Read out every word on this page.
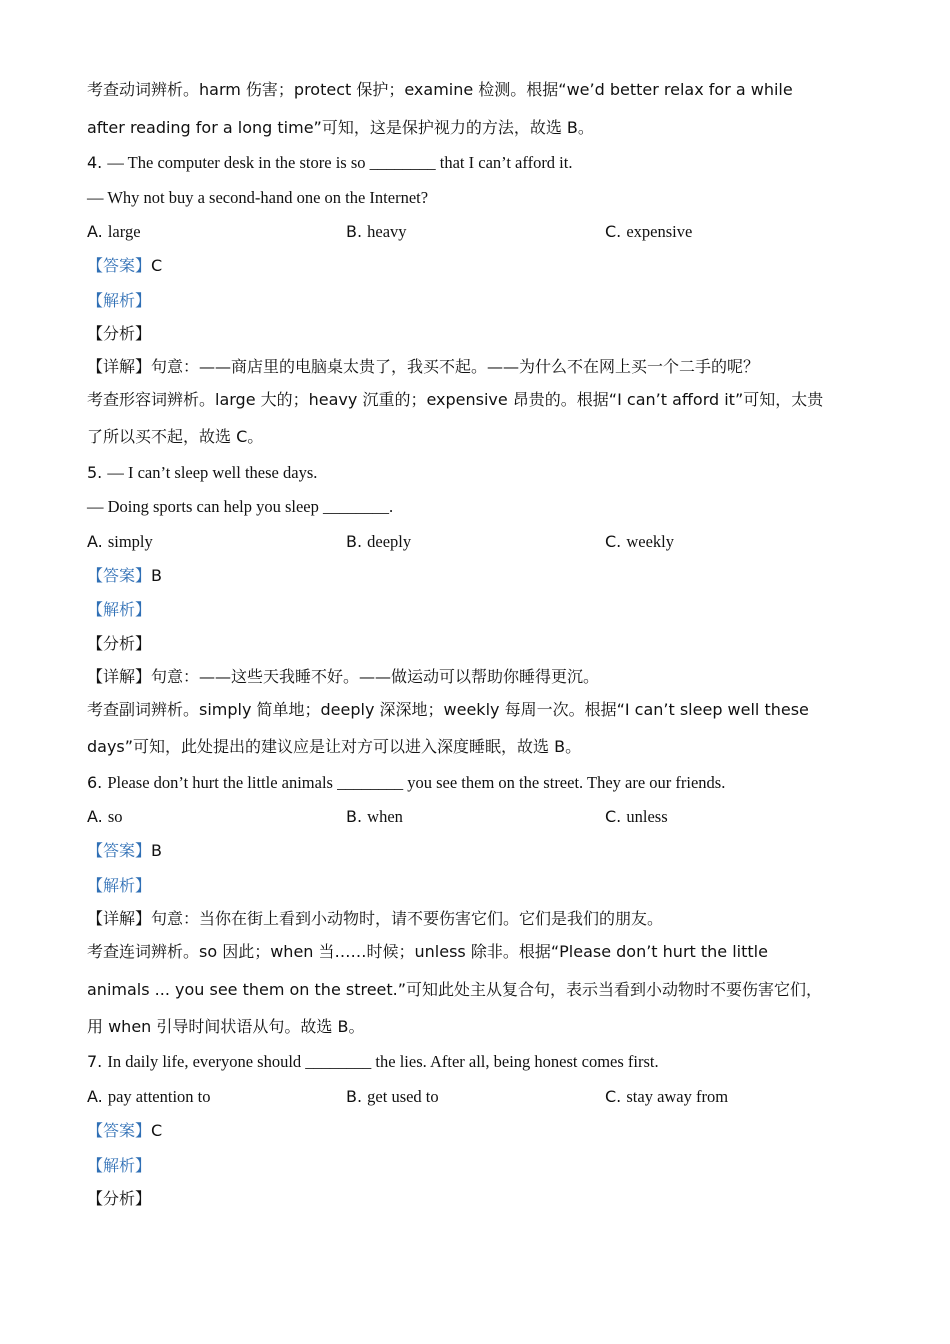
考查动词辨析。harm 伤害；protect 保护；examine 检测。根据“we’d better relax for a while
after reading for a long time”可知，这是保护视力的方法，故选 B。
4. — The computer desk in the store is so ________ that I can’t afford it.
— Why not buy a second-hand one on the Internet?
A. large	B. heavy	C. expensive
【答案】C
【解析】
【分析】
【详解】句意：——商店里的电脑桌太贵了，我买不起。——为什么不在网上买一个二手的呢？
考查形容词辨析。large 大的；heavy 沉重的；expensive 昂贵的。根据“I can’t afford it”可知，太贵
了所以买不起，故选 C。
5. — I can’t sleep well these days.
— Doing sports can help you sleep ________.
A. simply	B. deeply	C. weekly
【答案】B
【解析】
【分析】
【详解】句意：——这些天我睡不好。——做运动可以帮助你睡得更沉。
考查副词辨析。simply 简单地；deeply 深深地；weekly 每周一次。根据“I can’t sleep well these
days”可知，此处提出的建议应是让对方可以进入深度睡眠，故选 B。
6. Please don’t hurt the little animals ________ you see them on the street. They are our friends.
A. so	B. when	C. unless
【答案】B
【解析】
【详解】句意：当你在街上看到小动物时，请不要伤害它们。它们是我们的朋友。
考查连词辨析。so 因此；when 当……时候；unless 除非。根据“Please don’t hurt the little
animals ... you see them on the street.”可知此处主从复合句，表示当看到小动物时不要伤害它们，
用 when 引导时间状语从句。故选 B。
7. In daily life, everyone should ________ the lies. After all, being honest comes first.
A. pay attention to	B. get used to	C. stay away from
【答案】C
【解析】
【分析】
